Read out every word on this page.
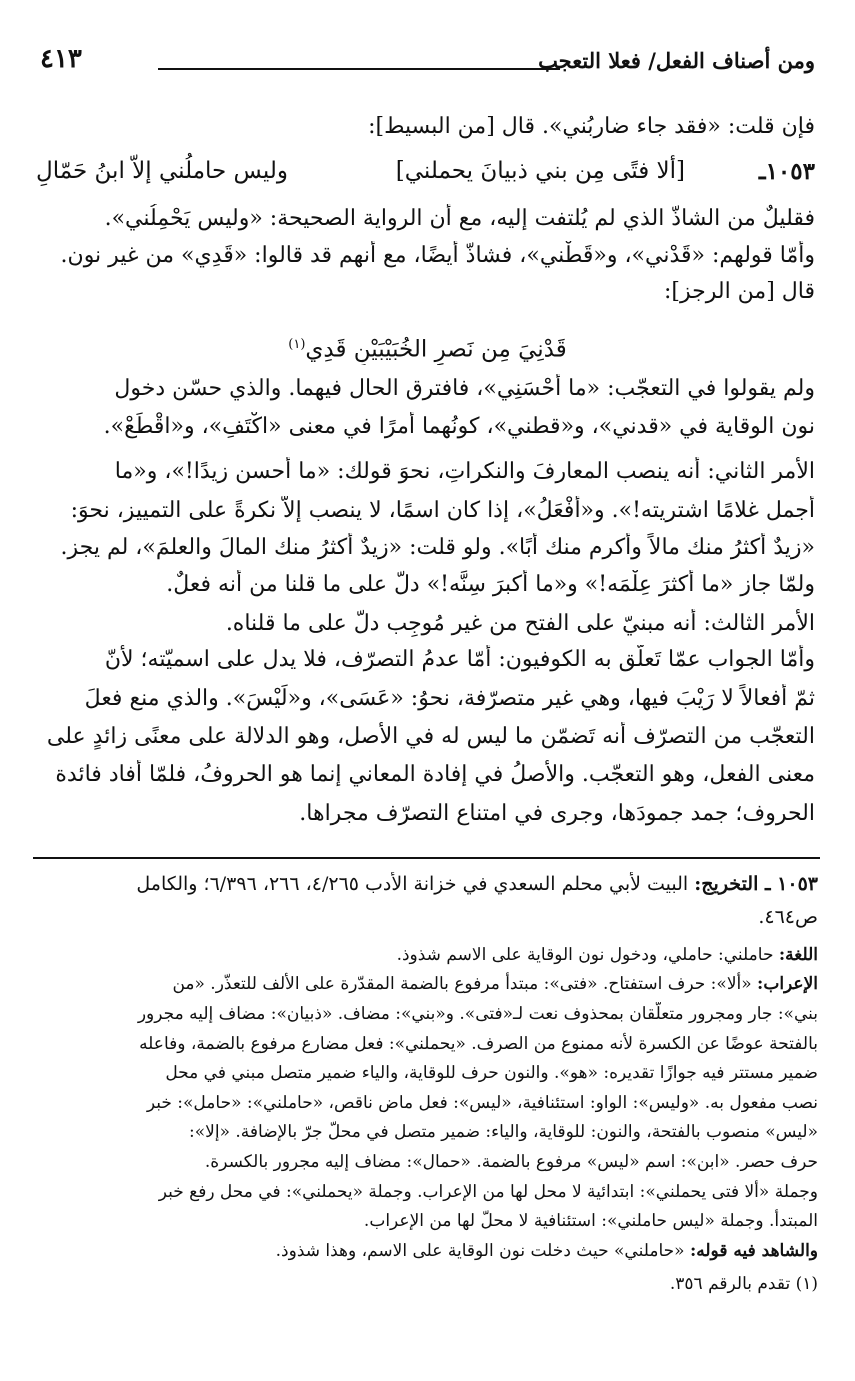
ومن أصناف الفعل/ فعلا التعجب
٤١٣
فإن قلت: «فقد جاء ضاربُني». قال [من البسيط]:
١٠٥٣ـ
[ألا فتًى مِن بني ذبيانَ يحملني]
وليس حاملُني إلاّ ابنُ حَمّالِ
فقليلٌ من الشاذّ الذي لم يُلتفت إليه، مع أن الرواية الصحيحة: «وليس يَحْمِلُني».
وأمّا قولهم: «قَدْني»، و«قَطْني»، فشاذّ أيضًا، مع أنهم قد قالوا: «قَدِي» من غير نون.
قال [من الرجز]:
قَدْنِيَ مِن نَصرِ الخُبَيْبَيْنِ قَدِي$^{(١)}$
ولم يقولوا في التعجّب: «ما أحْسَنِي»، فافترق الحال فيهما. والذي حسّن دخول
نون الوقاية في «قدني»، و«قطني»، كونُهما أمرًا في معنى «اكْتَفِ»، و«اقْطَعْ».
الأمر الثاني: أنه ينصب المعارفَ والنكراتِ، نحوَ قولك: «ما أحسن زيدًا!»، و«ما
أجمل غلامًا اشتريته!». و«أفْعَلُ»، إذا كان اسمًا، لا ينصب إلاّ نكرةً على التمييز، نحوَ:
«زيدٌ أكثرُ منك مالاً وأكرم منك أبًا». ولو قلت: «زيدٌ أكثرُ منك المالَ والعلمَ»، لم يجز.
ولمّا جاز «ما أكثرَ عِلْمَه!» و«ما أكبرَ سِنَّه!» دلّ على ما قلنا من أنه فعلٌ.
الأمر الثالث: أنه مبنيّ على الفتح من غير مُوجِب دلّ على ما قلناه.
وأمّا الجواب عمّا تَعلّق به الكوفيون: أمّا عدمُ التصرّف، فلا يدل على اسميّته؛ لأنّ
ثمّ أفعالاً لا رَيْبَ فيها، وهي غير متصرّفة، نحوُ: «عَسَى»، و«لَيْسَ». والذي منع فعلَ
التعجّب من التصرّف أنه تَضمّن ما ليس له في الأصل، وهو الدلالة على معنًى زائدٍ على
معنى الفعل، وهو التعجّب. والأصلُ في إفادة المعاني إنما هو الحروفُ، فلمّا أفاد فائدة
الحروف؛ جمد جمودَها، وجرى في امتناع التصرّف مجراها.
١٠٥٣ ـ التخريج: البيت لأبي محلم السعدي في خزانة الأدب ٤/٢٦٥، ٢٦٦، ٦/٣٩٦؛ والكامل
ص٤٦٤.
اللغة: حاملني: حاملي، ودخول نون الوقاية على الاسم شذوذ.
الإعراب: «ألا»: حرف استفتاح. «فتى»: مبتدأ مرفوع بالضمة المقدّرة على الألف للتعذّر. «من
بني»: جار ومجرور متعلّقان بمحذوف نعت لـ«فتى». و«بني»: مضاف. «ذبيان»: مضاف إليه مجرور
بالفتحة عوضًا عن الكسرة لأنه ممنوع من الصرف. «يحملني»: فعل مضارع مرفوع بالضمة، وفاعله
ضمير مستتر فيه جوازًا تقديره: «هو». والنون حرف للوقاية، والياء ضمير متصل مبني في محل
نصب مفعول به. «وليس»: الواو: استئنافية، «ليس»: فعل ماض ناقص، «حاملني»: «حامل»: خبر
«ليس» منصوب بالفتحة، والنون: للوقاية، والياء: ضمير متصل في محلّ جرّ بالإضافة. «إلا»:
حرف حصر. «ابن»: اسم «ليس» مرفوع بالضمة. «حمال»: مضاف إليه مجرور بالكسرة.
وجملة «ألا فتى يحملني»: ابتدائية لا محل لها من الإعراب. وجملة «يحملني»: في محل رفع خبر
المبتدأ. وجملة «ليس حاملني»: استئنافية لا محلّ لها من الإعراب.
والشاهد فيه قوله: «حاملني» حيث دخلت نون الوقاية على الاسم، وهذا شذوذ.
(١) تقدم بالرقم ٣٥٦.
